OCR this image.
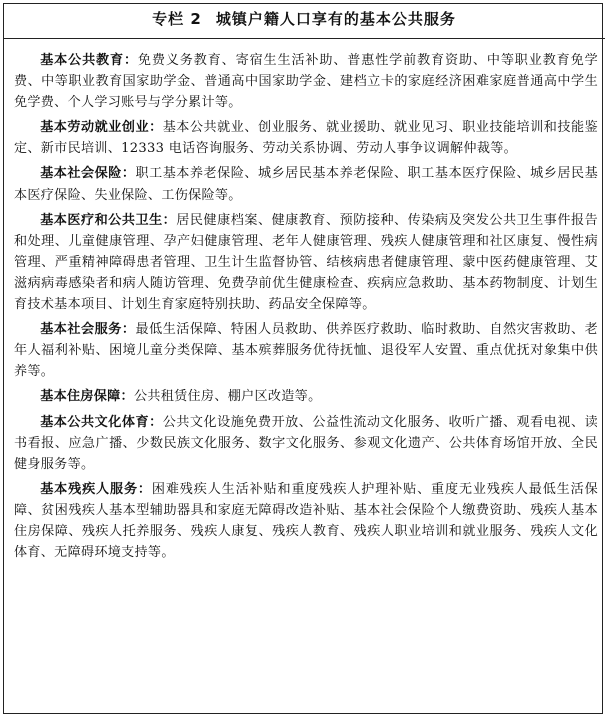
专栏 2 城镇户籍人口享有的基本公共服务

基本公共教育：免费义务教育、寄宿生生活补助、普惠性学前教育资助、中等职业教育免学费、中等职业教育国家助学金、普通高中国家助学金、建档立卡的家庭经济困难家庭普通高中学生免学费、个人学习账号与学分累计等。

基本劳动就业创业：基本公共就业、创业服务、就业援助、就业见习、职业技能培训和技能鉴定、新市民培训、12333 电话咨询服务、劳动关系协调、劳动人事争议调解仲裁等。

基本社会保险：职工基本养老保险、城乡居民基本养老保险、职工基本医疗保险、城乡居民基本医疗保险、失业保险、工伤保险等。

基本医疗和公共卫生：居民健康档案、健康教育、预防接种、传染病及突发公共卫生事件报告和处理、儿童健康管理、孕产妇健康管理、老年人健康管理、残疾人健康管理和社区康复、慢性病管理、严重精神障碍患者管理、卫生计生监督协管、结核病患者健康管理、蒙中医药健康管理、艾滋病病毒感染者和病人随访管理、免费孕前优生健康检查、疾病应急救助、基本药物制度、计划生育技术基本项目、计划生育家庭特别扶助、药品安全保障等。

基本社会服务：最低生活保障、特困人员救助、供养医疗救助、临时救助、自然灾害救助、老年人福利补贴、困境儿童分类保障、基本殡葬服务优待抚恤、退役军人安置、重点优抚对象集中供养等。

基本住房保障：公共租赁住房、棚户区改造等。

基本公共文化体育：公共文化设施免费开放、公益性流动文化服务、收听广播、观看电视、读书看报、应急广播、少数民族文化服务、数字文化服务、参观文化遗产、公共体育场馆开放、全民健身服务等。

基本残疾人服务：困难残疾人生活补贴和重度残疾人护理补贴、重度无业残疾人最低生活保障、贫困残疾人基本型辅助器具和家庭无障碍改造补贴、基本社会保险个人缴费资助、残疾人基本住房保障、残疾人托养服务、残疾人康复、残疾人教育、残疾人职业培训和就业服务、残疾人文化体育、无障碍环境支持等。
